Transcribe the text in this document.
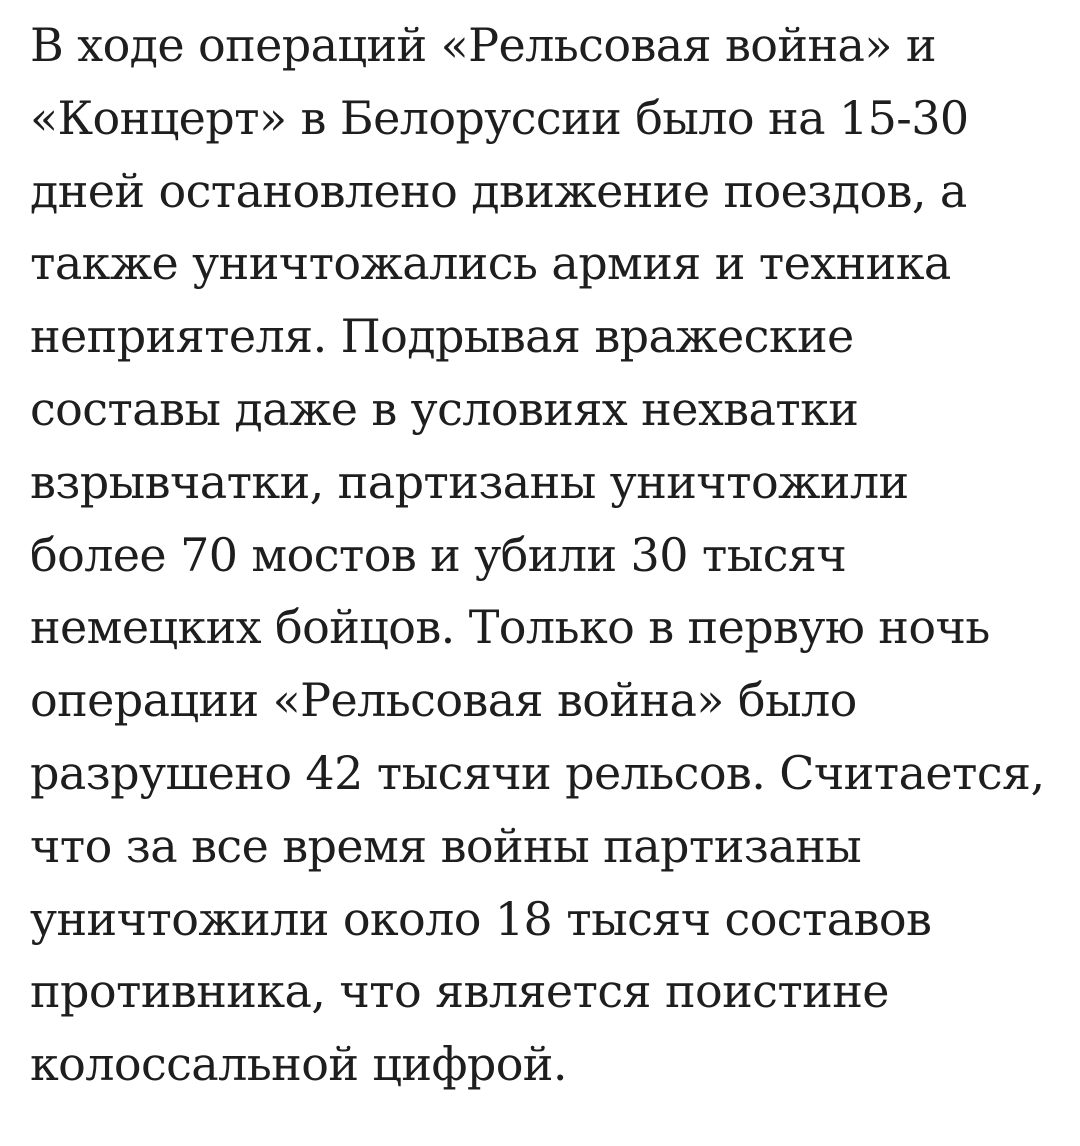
В ходе операций «Рельсовая война» и
«Концерт» в Белоруссии было на 15-30
дней остановлено движение поездов, а
также уничтожались армия и техника
неприятеля. Подрывая вражеские
составы даже в условиях нехватки
взрывчатки, партизаны уничтожили
более 70 мостов и убили 30 тысяч
немецких бойцов. Только в первую ночь
операции «Рельсовая война» было
разрушено 42 тысячи рельсов. Считается,
что за все время войны партизаны
уничтожили около 18 тысяч составов
противника, что является поистине
колоссальной цифрой.
